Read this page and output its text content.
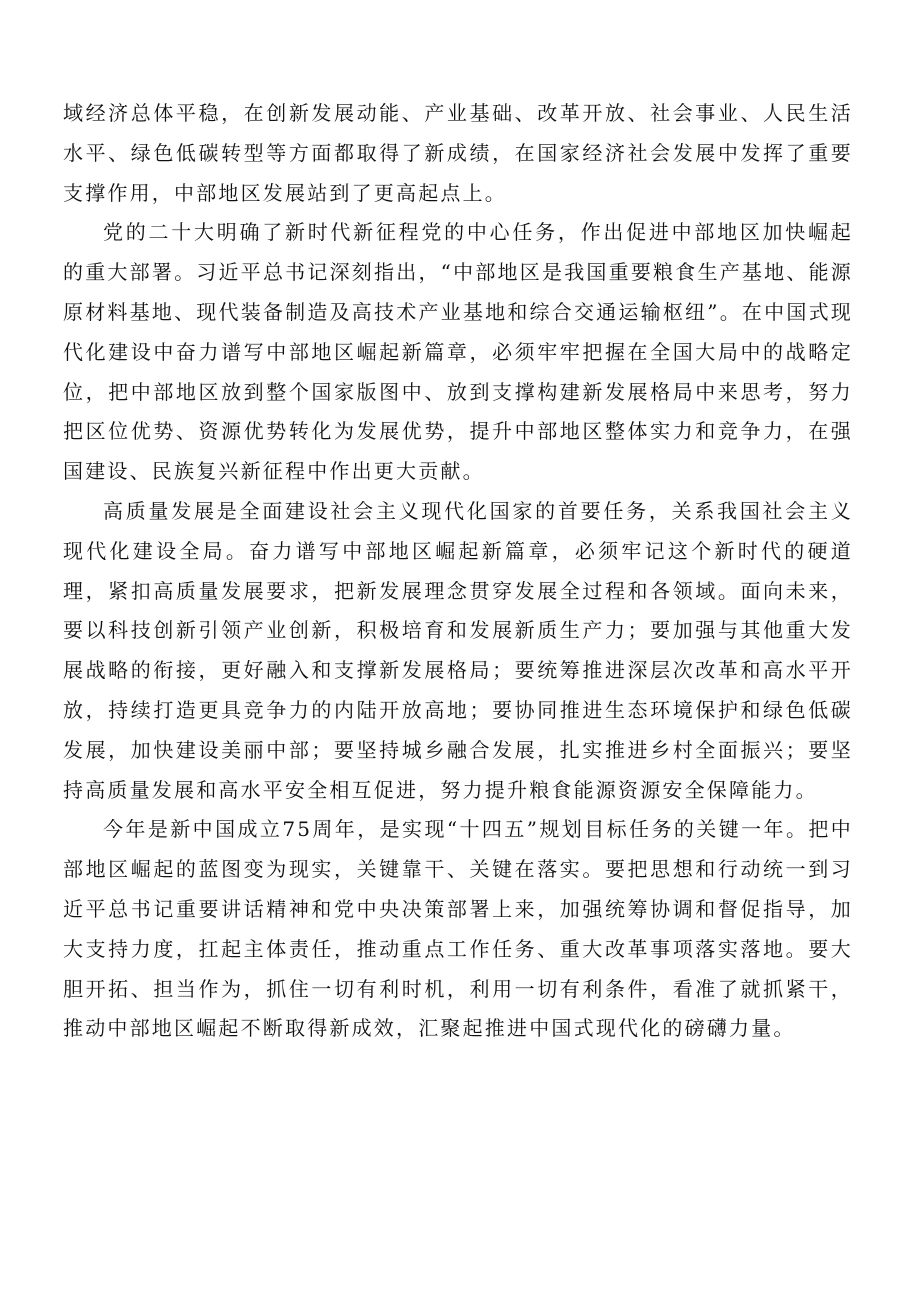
域经济总体平稳，在创新发展动能、产业基础、改革开放、社会事业、人民生活水平、绿色低碳转型等方面都取得了新成绩，在国家经济社会发展中发挥了重要支撑作用，中部地区发展站到了更高起点上。

党的二十大明确了新时代新征程党的中心任务，作出促进中部地区加快崛起的重大部署。习近平总书记深刻指出，“中部地区是我国重要粮食生产基地、能源原材料基地、现代装备制造及高技术产业基地和综合交通运输枢纽”。在中国式现代化建设中奋力谱写中部地区崛起新篇章，必须牢牢把握在全国大局中的战略定位，把中部地区放到整个国家版图中、放到支撑构建新发展格局中来思考，努力把区位优势、资源优势转化为发展优势，提升中部地区整体实力和竞争力，在强国建设、民族复兴新征程中作出更大贡献。

高质量发展是全面建设社会主义现代化国家的首要任务，关系我国社会主义现代化建设全局。奋力谱写中部地区崛起新篇章，必须牢记这个新时代的硬道理，紧扣高质量发展要求，把新发展理念贯穿发展全过程和各领域。面向未来，要以科技创新引领产业创新，积极培育和发展新质生产力；要加强与其他重大发展战略的衔接，更好融入和支撑新发展格局；要统筹推进深层次改革和高水平开放，持续打造更具竞争力的内陆开放高地；要协同推进生态环境保护和绿色低碳发展，加快建设美丽中部；要坚持城乡融合发展，扎实推进乡村全面振兴；要坚持高质量发展和高水平安全相互促进，努力提升粮食能源资源安全保障能力。

今年是新中国成立75周年，是实现“十四五”规划目标任务的关键一年。把中部地区崛起的蓝图变为现实，关键靠干、关键在落实。要把思想和行动统一到习近平总书记重要讲话精神和党中央决策部署上来，加强统筹协调和督促指导，加大支持力度，扛起主体责任，推动重点工作任务、重大改革事项落实落地。要大胆开拓、担当作为，抓住一切有利时机，利用一切有利条件，看准了就抓紧干，推动中部地区崛起不断取得新成效，汇聚起推进中国式现代化的磅礴力量。
